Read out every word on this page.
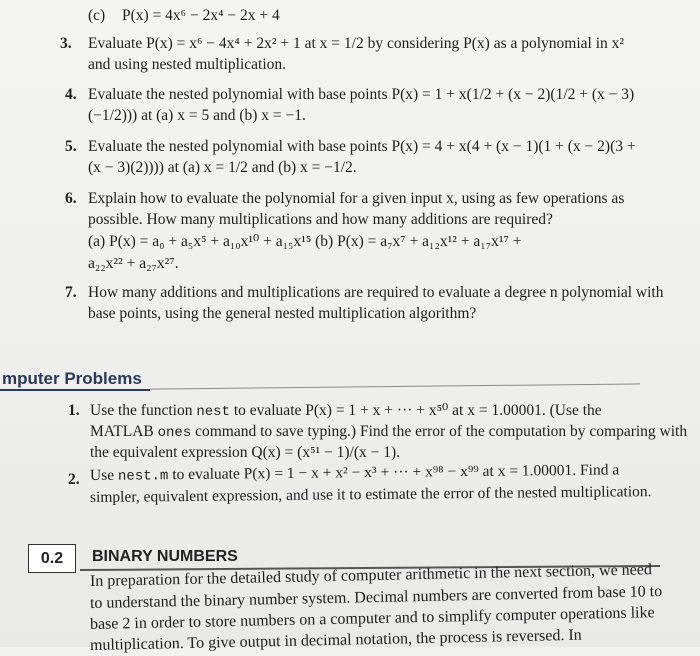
(c) P(x) = 4x⁶ − 2x⁴ − 2x + 4
3. Evaluate P(x) = x⁶ − 4x⁴ + 2x² + 1 at x = 1/2 by considering P(x) as a polynomial in x²
and using nested multiplication.
4. Evaluate the nested polynomial with base points P(x) = 1 + x(1/2 + (x − 2)(1/2 + (x − 3)
(−1/2))) at (a) x = 5 and (b) x = −1.
5. Evaluate the nested polynomial with base points P(x) = 4 + x(4 + (x − 1)(1 + (x − 2)(3 +
(x − 3)(2)))) at (a) x = 1/2 and (b) x = −1/2.
6. Explain how to evaluate the polynomial for a given input x, using as few operations as
possible. How many multiplications and how many additions are required?
(a) P(x) = a₀ + a₅x⁵ + a₁₀x¹⁰ + a₁₅x¹⁵ (b) P(x) = a₇x⁷ + a₁₂x¹² + a₁₇x¹⁷ +
a₂₂x²² + a₂₇x²⁷.
7. How many additions and multiplications are required to evaluate a degree n polynomial with
base points, using the general nested multiplication algorithm?
mputer Problems
1. Use the function nest to evaluate P(x) = 1 + x + ··· + x⁵⁰ at x = 1.00001. (Use the
MATLAB ones command to save typing.) Find the error of the computation by comparing with
the equivalent expression Q(x) = (x⁵¹ − 1)/(x − 1).
2. Use nest.m to evaluate P(x) = 1 − x + x² − x³ + ··· + x⁹⁸ − x⁹⁹ at x = 1.00001. Find a
simpler, equivalent expression, and use it to estimate the error of the nested multiplication.
0.2	BINARY NUMBERS
In preparation for the detailed study of computer arithmetic in the next section, we need
to understand the binary number system. Decimal numbers are converted from base 10 to
base 2 in order to store numbers on a computer and to simplify computer operations like
multiplication. To give output in decimal notation, the process is reversed. In
